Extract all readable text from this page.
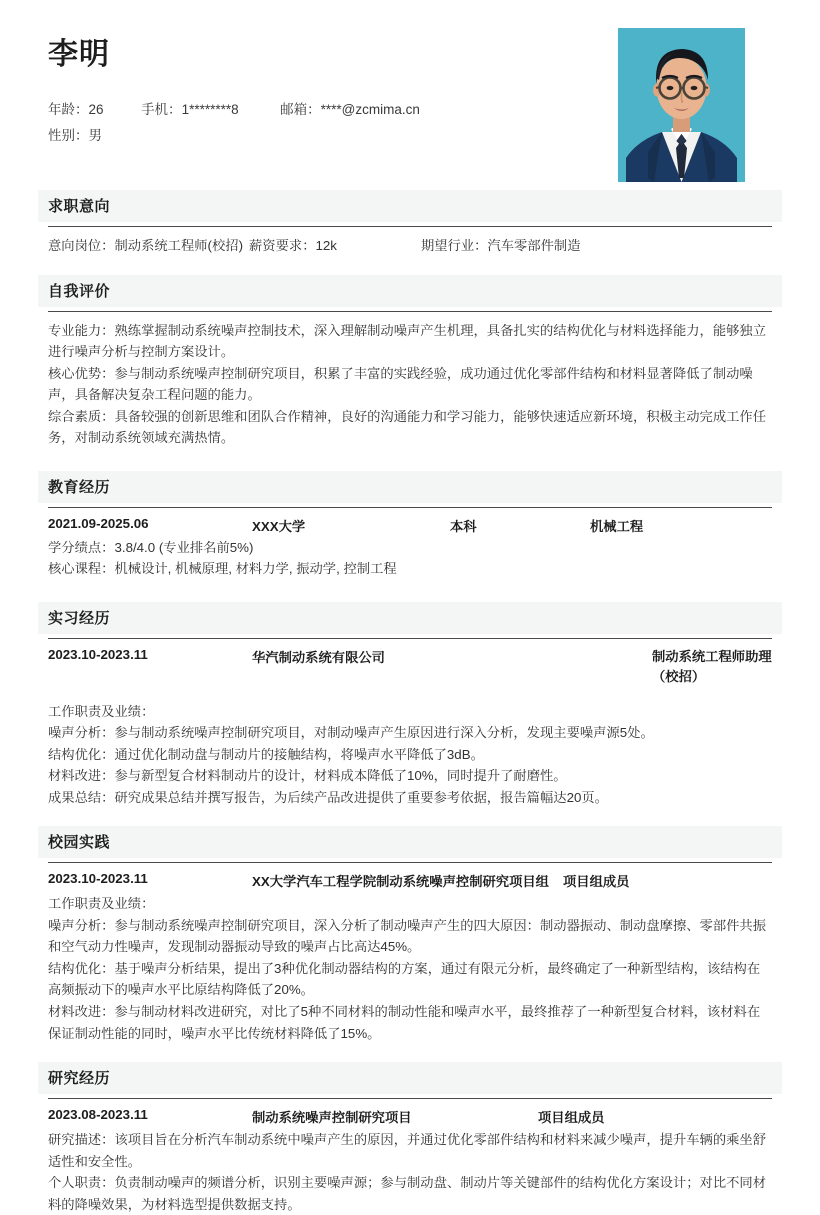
李明
年龄：26	手机：1********8	邮箱：****@zcmima.cn
性别：男
求职意向
意向岗位：制动系统工程师(校招) 薪资要求：12k	期望行业：汽车零部件制造
自我评价
专业能力：熟练掌握制动系统噪声控制技术，深入理解制动噪声产生机理，具备扎实的结构优化与材料选择能力，能够独立进行噪声分析与控制方案设计。
核心优势：参与制动系统噪声控制研究项目，积累了丰富的实践经验，成功通过优化零部件结构和材料显著降低了制动噪声，具备解决复杂工程问题的能力。
综合素质：具备较强的创新思维和团队合作精神，良好的沟通能力和学习能力，能够快速适应新环境，积极主动完成工作任务，对制动系统领域充满热情。
教育经历
2021.09-2025.06	XXX大学	本科	机械工程
学分绩点：3.8/4.0 (专业排名前5%)
核心课程：机械设计, 机械原理, 材料力学, 振动学, 控制工程
实习经历
2023.10-2023.11	华汽制动系统有限公司	制动系统工程师助理（校招）
工作职责及业绩：
噪声分析：参与制动系统噪声控制研究项目，对制动噪声产生原因进行深入分析，发现主要噪声源5处。
结构优化：通过优化制动盘与制动片的接触结构，将噪声水平降低了3dB。
材料改进：参与新型复合材料制动片的设计，材料成本降低了10%，同时提升了耐磨性。
成果总结：研究成果总结并撰写报告，为后续产品改进提供了重要参考依据，报告篇幅达20页。
校园实践
2023.10-2023.11	XX大学汽车工程学院制动系统噪声控制研究项目组 项目组成员
工作职责及业绩：
噪声分析：参与制动系统噪声控制研究项目，深入分析了制动噪声产生的四大原因：制动器振动、制动盘摩擦、零部件共振和空气动力性噪声，发现制动器振动导致的噪声占比高达45%。
结构优化：基于噪声分析结果，提出了3种优化制动器结构的方案，通过有限元分析，最终确定了一种新型结构，该结构在高频振动下的噪声水平比原结构降低了20%。
材料改进：参与制动材料改进研究，对比了5种不同材料的制动性能和噪声水平，最终推荐了一种新型复合材料，该材料在保证制动性能的同时，噪声水平比传统材料降低了15%。
研究经历
2023.08-2023.11	制动系统噪声控制研究项目	项目组成员
研究描述：该项目旨在分析汽车制动系统中噪声产生的原因，并通过优化零部件结构和材料来减少噪声，提升车辆的乘坐舒适性和安全性。
个人职责：负责制动噪声的频谱分析，识别主要噪声源；参与制动盘、制动片等关键部件的结构优化方案设计；对比不同材料的降噪效果，为材料选型提供数据支持。
